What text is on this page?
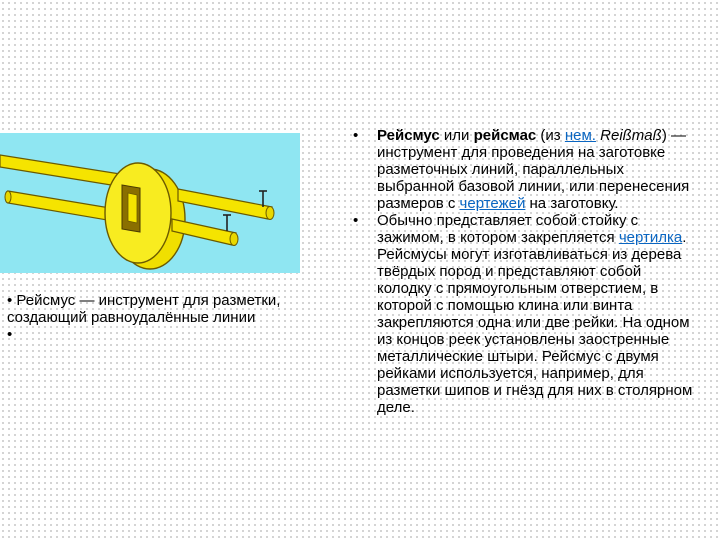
• Рейсмус — инструмент для разметки, создающий равноудалённые линии

•

• Рейсмус или рейсмас (из нем. Reißmaß) — инструмент для проведения на заготовке разметочных линий, параллельных выбранной базовой линии, или перенесения размеров с чертежей на заготовку.
• Обычно представляет собой стойку с зажимом, в котором закрепляется чертилка. Рейсмусы могут изготавливаться из дерева твёрдых пород и представляют собой колодку с прямоугольным отверстием, в которой с помощью клина или винта закрепляются одна или две рейки. На одном из концов реек установлены заостренные металлические штыри. Рейсмус с двумя рейками используется, например, для разметки шипов и гнёзд для них в столярном деле.
